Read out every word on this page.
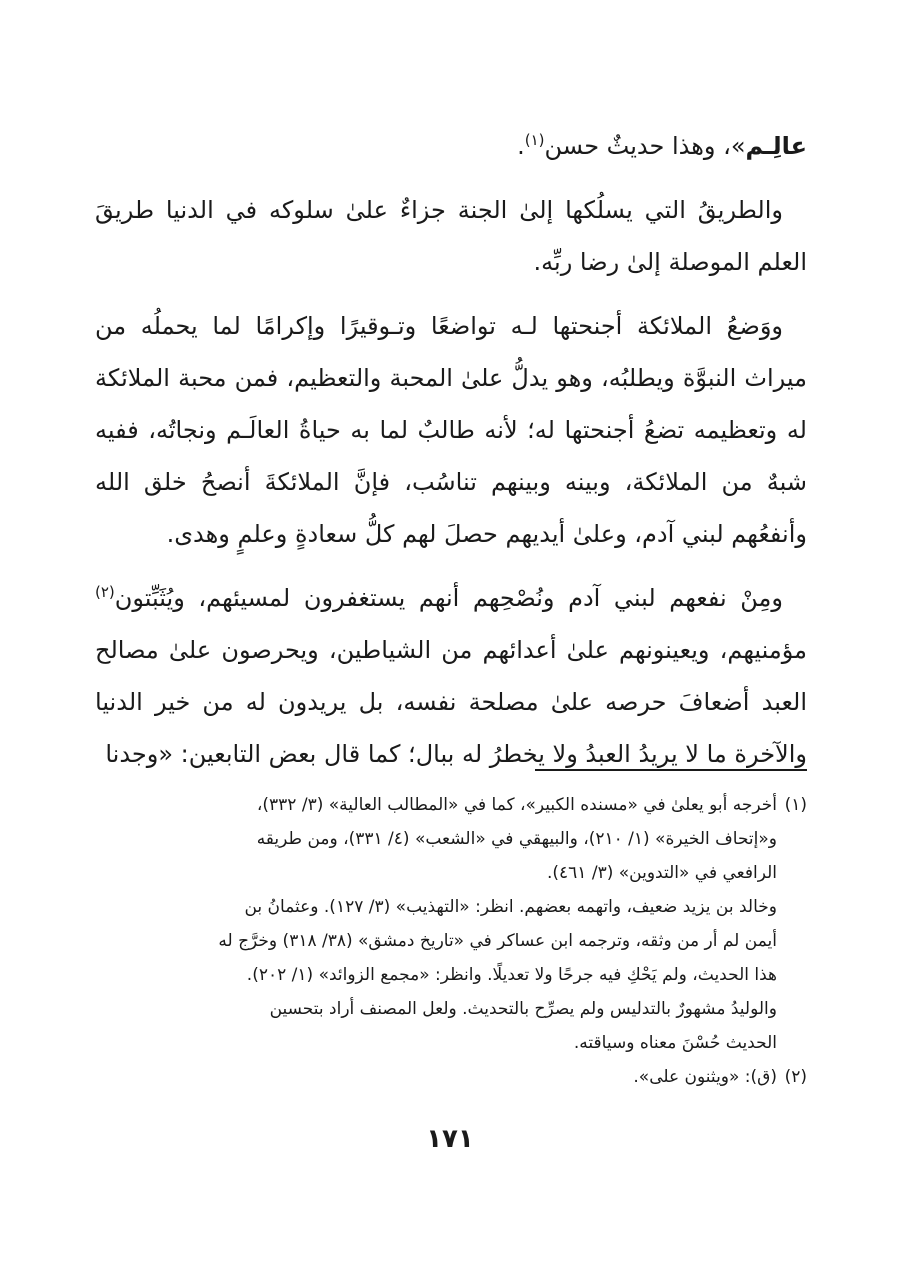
عالِـم»، وهذا حديثٌ حسن$^{(١)}$.

والطريقُ التي يسلُكها إلىٰ الجنة جزاءٌ علىٰ سلوكه في الدنيا طريقَ العلم الموصلة إلىٰ رضا ربِّه.

ووَضعُ الملائكة أجنحتها لـه تواضعًا وتـوقيرًا وإكرامًا لما يحملُه من ميراث النبوَّة ويطلبُه، وهو يدلُّ علىٰ المحبة والتعظيم، فمن محبة الملائكة له وتعظيمه تضعُ أجنحتها له؛ لأنه طالبٌ لما به حياةُ العالَـم ونجاتُه، ففيه شبهٌ من الملائكة، وبينه وبينهم تناسُب، فإنَّ الملائكةَ أنصحُ خلق الله وأنفعُهم لبني آدم، وعلىٰ أيديهم حصلَ لهم كلُّ سعادةٍ وعلمٍ وهدى.

ومِنْ نفعهم لبني آدم ونُصْحِهم أنهم يستغفرون لمسيئهم، ويُثَبِّتون$^{(٢)}$ مؤمنيهم، ويعينونهم علىٰ أعدائهم من الشياطين، ويحرصون علىٰ مصالح العبد أضعافَ حرصه علىٰ مصلحة نفسه، بل يريدون له من خير الدنيا والآخرة ما لا يريدُ العبدُ ولا يخطرُ له ببال؛ كما قال بعض التابعين: «وجدنا

(١)أخرجه أبو يعلىٰ في «مسنده الكبير»، كما في «المطالب العالية» (٣/ ٣٣٢)،

و«إتحاف الخيرة» (١/ ٢١٠)، والبيهقي في «الشعب» (٤/ ٣٣١)، ومن طريقه

الرافعي في «التدوين» (٣/ ٤٦١).

وخالد بن يزيد ضعيف، واتهمه بعضهم. انظر: «التهذيب» (٣/ ١٢٧). وعثمانُ بن

أيمن لم أر من وثقه، وترجمه ابن عساكر في «تاريخ دمشق» (٣٨/ ٣١٨) وخرَّج له

هذا الحديث، ولم يَحْكِ فيه جرحًا ولا تعديلًا. وانظر: «مجمع الزوائد» (١/ ٢٠٢).

والوليدُ مشهورٌ بالتدليس ولم يصرِّح بالتحديث. ولعل المصنف أراد بتحسين

الحديث حُسْنَ معناه وسياقته.

(٢)(ق): «ويثنون على».

١٧١
